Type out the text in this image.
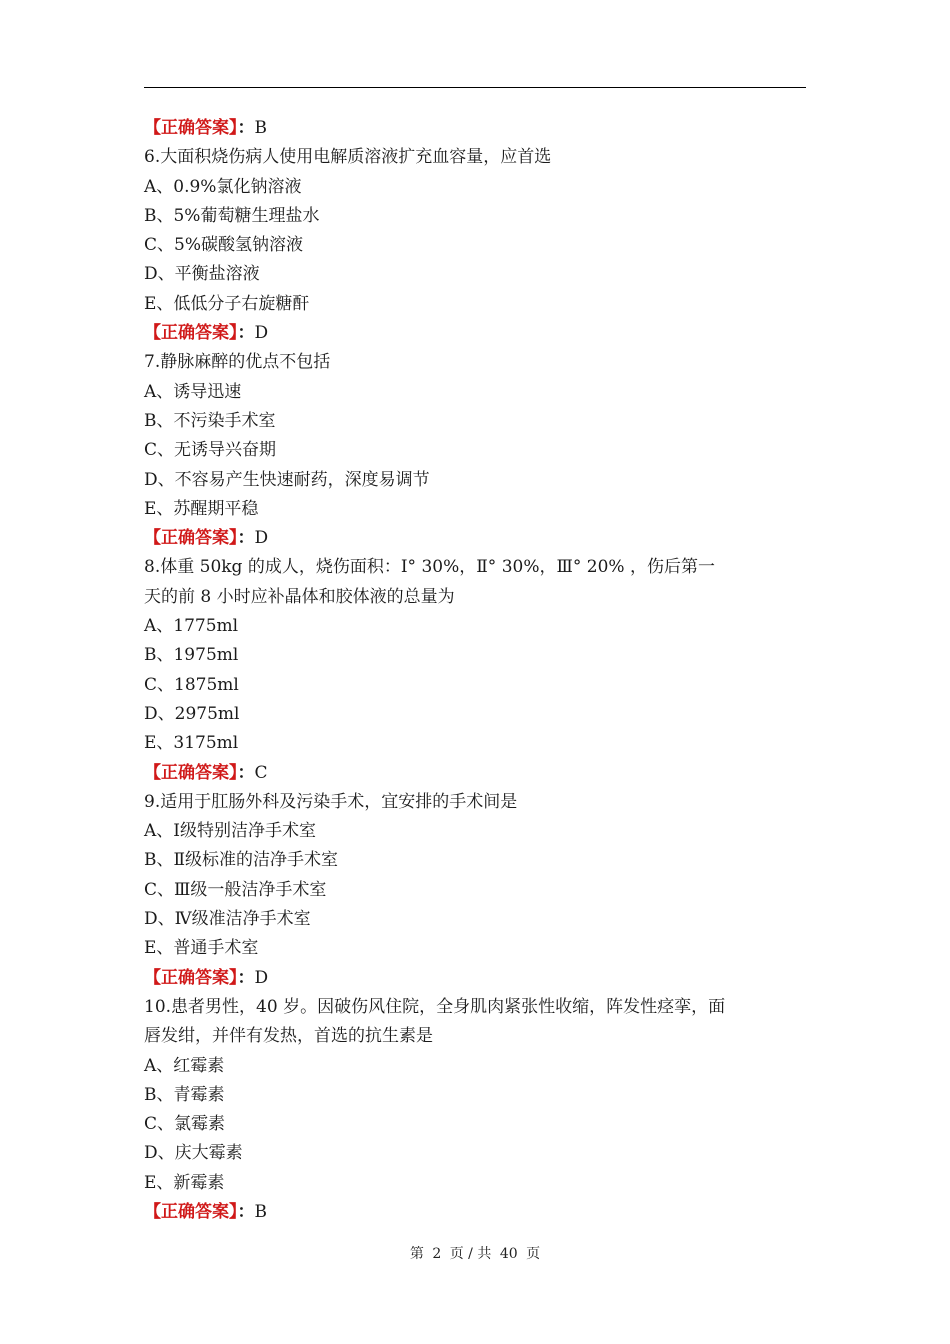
【正确答案】：B
6.大面积烧伤病人使用电解质溶液扩充血容量，应首选
A、0.9%氯化钠溶液
B、5%葡萄糖生理盐水
C、5%碳酸氢钠溶液
D、平衡盐溶液
E、低低分子右旋糖酐
【正确答案】：D
7.静脉麻醉的优点不包括
A、诱导迅速
B、不污染手术室
C、无诱导兴奋期
D、不容易产生快速耐药，深度易调节
E、苏醒期平稳
【正确答案】：D
8.体重 50kg 的成人，烧伤面积：Ⅰ° 30%，Ⅱ° 30%，Ⅲ° 20% ，伤后第一
天的前 8 小时应补晶体和胶体液的总量为
A、1775ml
B、1975ml
C、1875ml
D、2975ml
E、3175ml
【正确答案】：C
9.适用于肛肠外科及污染手术，宜安排的手术间是
A、Ⅰ级特别洁净手术室
B、Ⅱ级标准的洁净手术室
C、Ⅲ级一般洁净手术室
D、Ⅳ级准洁净手术室
E、普通手术室
【正确答案】：D
10.患者男性，40 岁。因破伤风住院，全身肌肉紧张性收缩，阵发性痉挛，面
唇发绀，并伴有发热，首选的抗生素是
A、红霉素
B、青霉素
C、氯霉素
D、庆大霉素
E、新霉素
【正确答案】：B
第 2 页 / 共 40 页
